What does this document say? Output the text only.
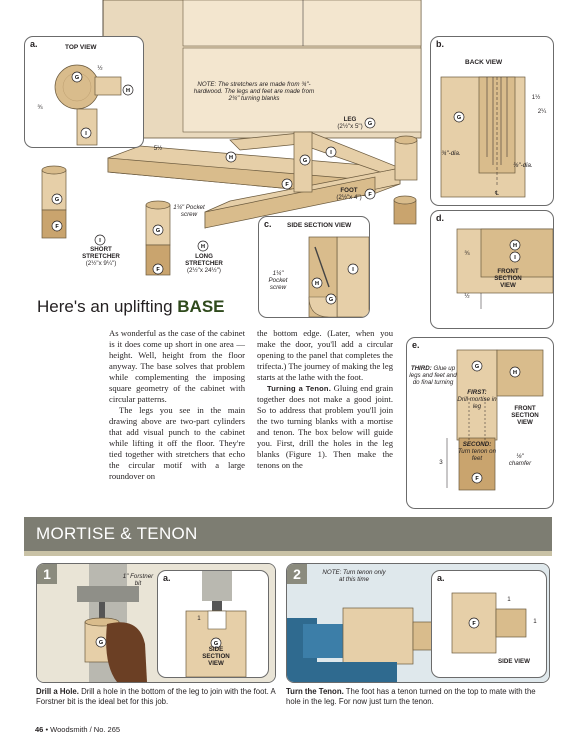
H	G
I
F
G
F
G
F
G
F
I
H
NOTE: The stretchers are made from ¾"-hardwood. The legs and feet are made from 2¾" turning blanks
LEG
(2½"x 5")
FOOT
(2½"x 4")
5½
1¼" Pocket screw
SHORT STRETCHER
(2½"x 9¼")
LONG STRETCHER
(2½"x 24½")
a.	TOP VIEW
G
H
I
½
¾
b.
BACK VIEW
G
1½
2¼
¾"-dia.
⅜"-dia.
℄
c. SIDE SECTION VIEW
I
H
G
1¼" Pocket screw
d.
H
I
¾
½
FRONT SECTION VIEW
e.
G
H
F
THIRD: Glue up legs and feet and do final turning
FIRST:
Drill mortise in leg	FRONT SECTION VIEW
SECOND:
Turn tenon on feet	⅛" chamfer
3
Here's an uplifting BASE

As wonderful as the case of the cabinet is it does come up short in one area — height. Well, height from the floor anyway. The base solves that problem while complementing the imposing square geometry of the cabinet with circular patterns.

The legs you see in the main drawing above are two-part cylinders that add visual punch to the cabinet while lifting it off the floor. They're tied together with stretchers that echo the circular motif with a large roundover on

the bottom edge. (Later, when you make the door, you'll add a circular opening to the panel that completes the trifecta.) The journey of making the leg starts at the lathe with the foot.

Turning a Tenon. Gluing end grain together does not make a good joint. So to address that problem you'll join the two turning blanks with a mortise and tenon. The box below will guide you. First, drill the holes in the leg blanks (Figure 1). Then make the tenons on the

MORTISE & TENON
G
1	1" Forstner bit
a.
G
1
SIDE SECTION VIEW
Drill a Hole. Drill a hole in the bottom of the leg to join with the foot. A Forstner bit is the ideal bet for this job.
2	NOTE: Turn tenon only at this time	a.
F
1
1
SIDE VIEW
Turn the Tenon. The foot has a tenon turned on the top to mate with the hole in the leg. For now just turn the tenon.
46 • Woodsmith / No. 265
